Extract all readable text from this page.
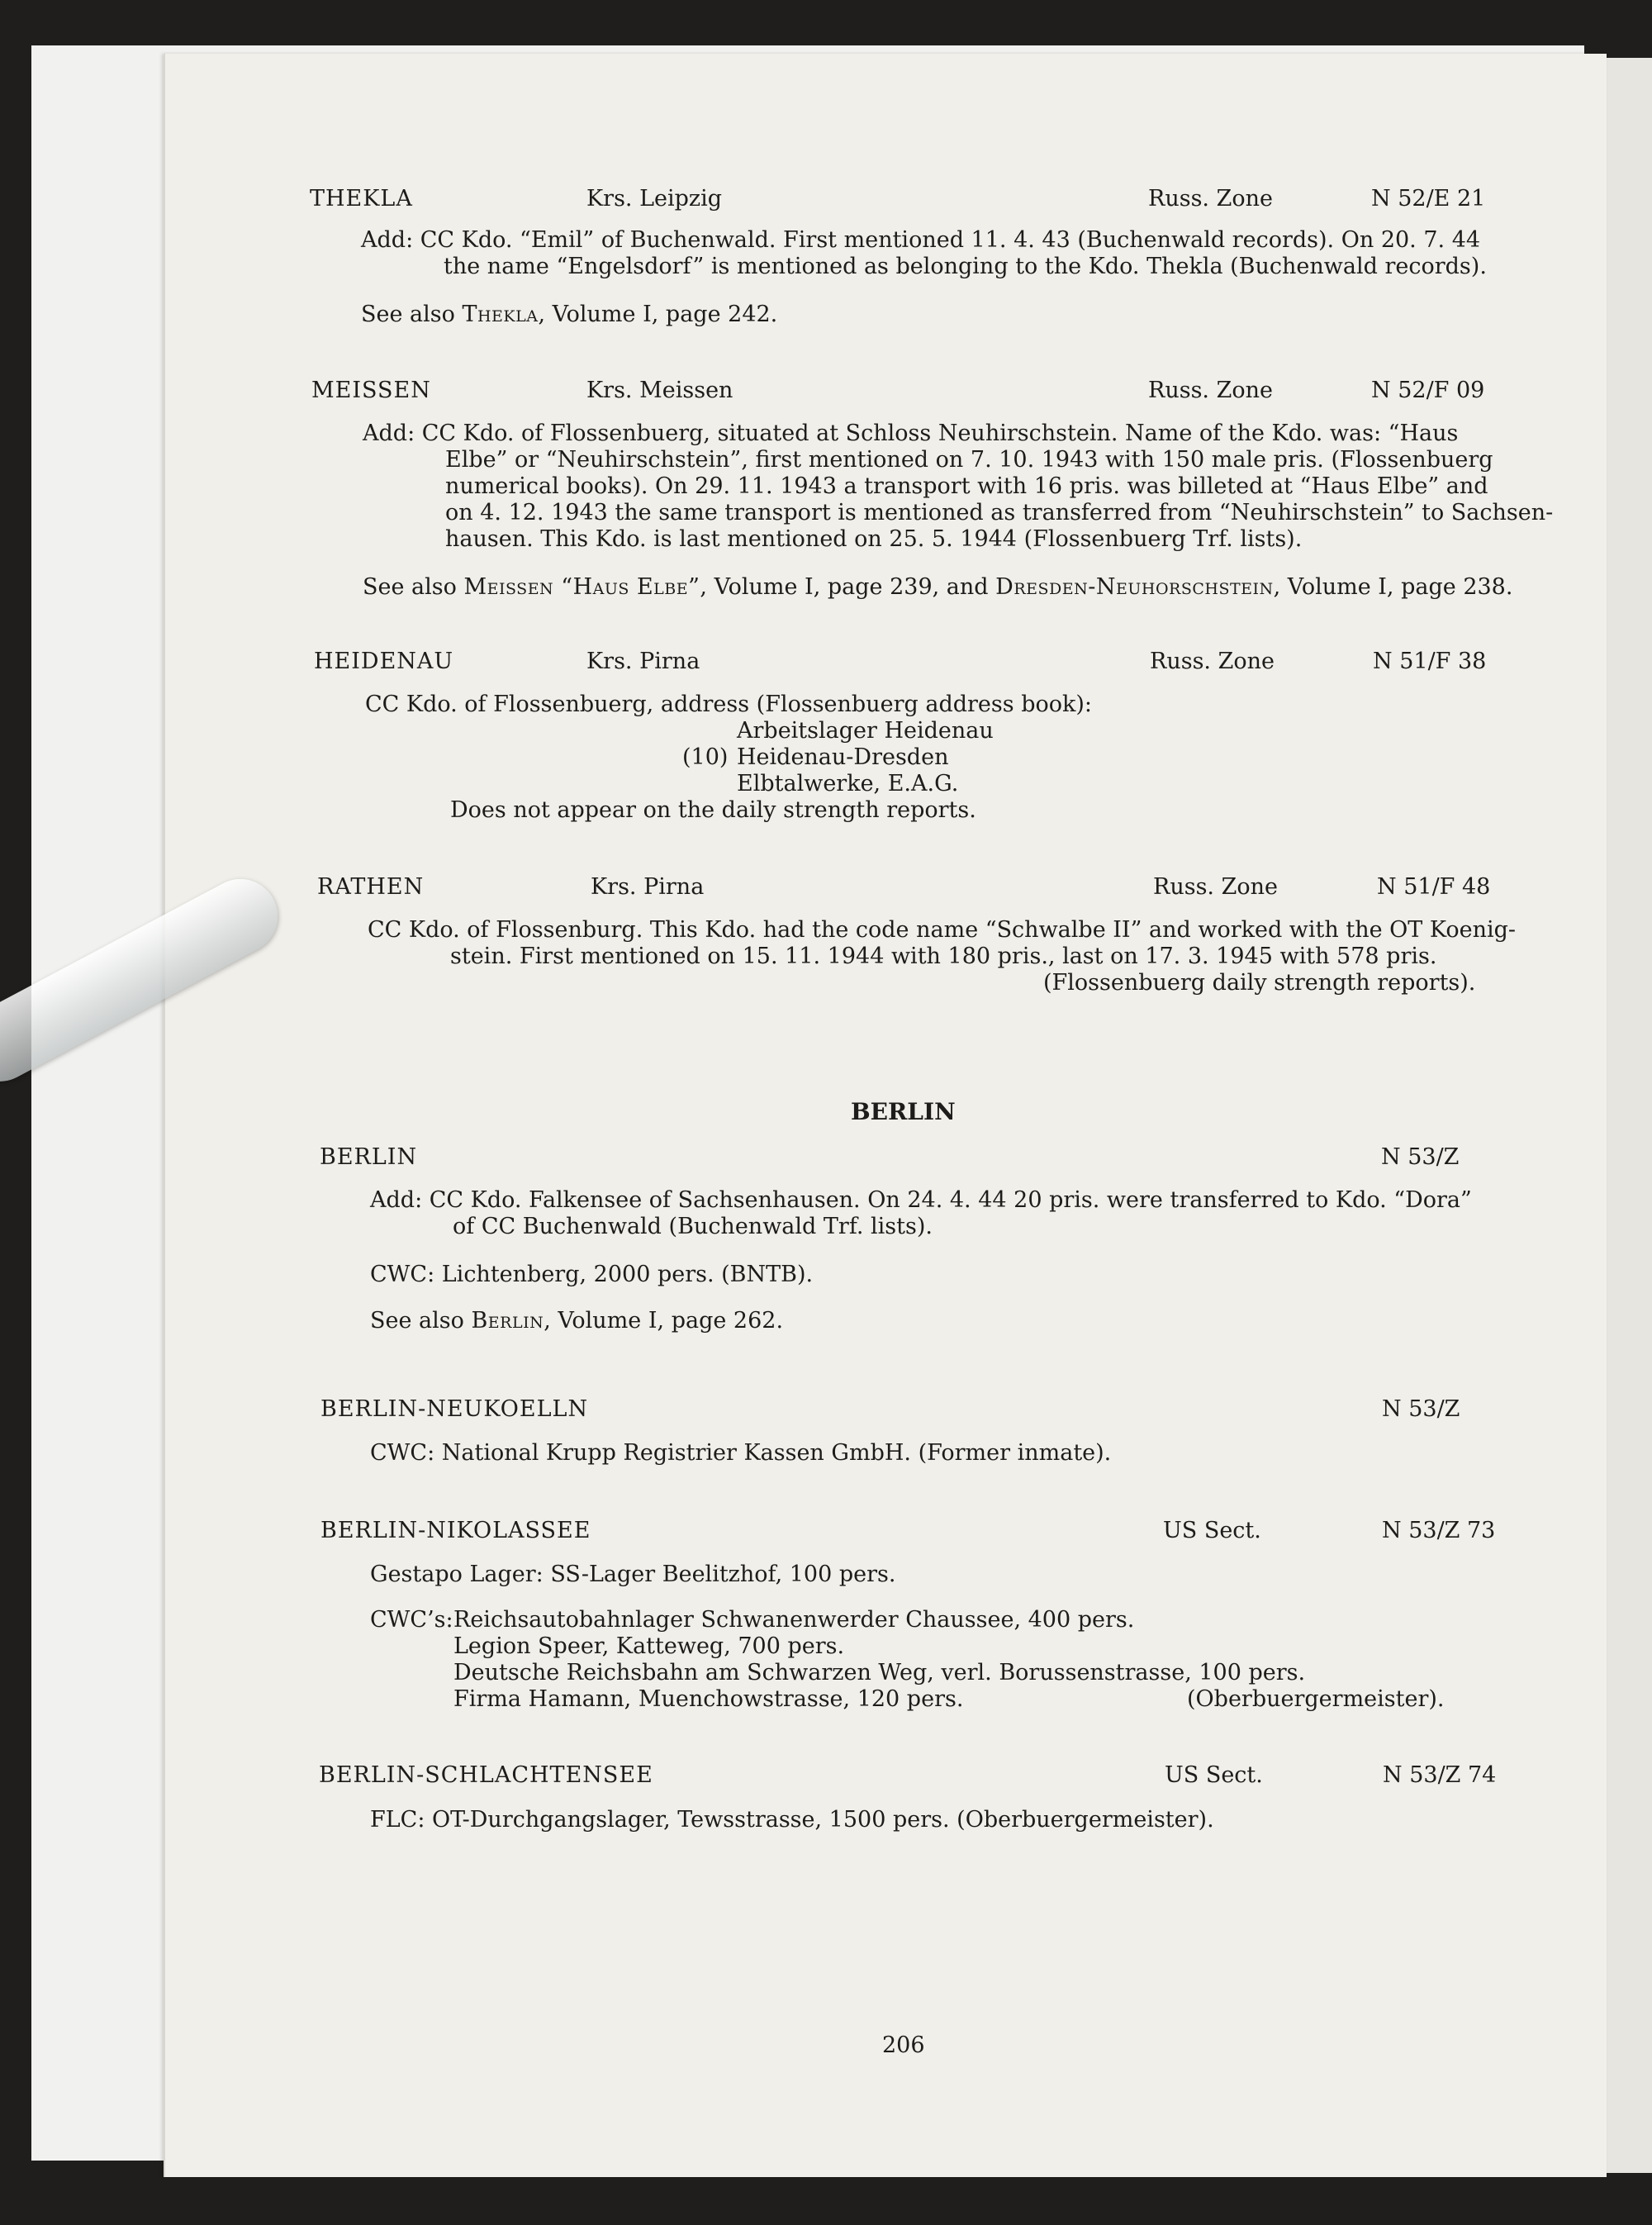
THEKLA	Krs. Leipzig	Russ. Zone	N 52/E 21
Add: CC Kdo. “Emil” of Buchenwald. First mentioned 11. 4. 43 (Buchenwald records). On 20. 7. 44
the name “Engelsdorf” is mentioned as belonging to the Kdo. Thekla (Buchenwald records).
See also Thekla, Volume I, page 242.
MEISSEN	Krs. Meissen	Russ. Zone	N 52/F 09
Add: CC Kdo. of Flossenbuerg, situated at Schloss Neuhirschstein. Name of the Kdo. was: “Haus
Elbe” or “Neuhirschstein”, first mentioned on 7. 10. 1943 with 150 male pris. (Flossenbuerg
numerical books). On 29. 11. 1943 a transport with 16 pris. was billeted at “Haus Elbe” and
on 4. 12. 1943 the same transport is mentioned as transferred from “Neuhirschstein” to Sachsen-
hausen. This Kdo. is last mentioned on 25. 5. 1944 (Flossenbuerg Trf. lists).
See also Meissen “Haus Elbe”, Volume I, page 239, and Dresden-Neuhorschstein, Volume I, page 238.
HEIDENAU	Krs. Pirna	Russ. Zone	N 51/F 38
CC Kdo. of Flossenbuerg, address (Flossenbuerg address book):
Arbeitslager Heidenau
(10) Heidenau-Dresden
Elbtalwerke, E.A.G.
Does not appear on the daily strength reports.
RATHEN	Krs. Pirna	Russ. Zone	N 51/F 48
CC Kdo. of Flossenburg. This Kdo. had the code name “Schwalbe II” and worked with the OT Koenig-
stein. First mentioned on 15. 11. 1944 with 180 pris., last on 17. 3. 1945 with 578 pris.
(Flossenbuerg daily strength reports).
BERLIN
BERLIN	N 53/Z
Add: CC Kdo. Falkensee of Sachsenhausen. On 24. 4. 44 20 pris. were transferred to Kdo. “Dora”
of CC Buchenwald (Buchenwald Trf. lists).
CWC: Lichtenberg, 2000 pers. (BNTB).
See also Berlin, Volume I, page 262.
BERLIN-NEUKOELLN	N 53/Z
CWC: National Krupp Registrier Kassen GmbH. (Former inmate).
BERLIN-NIKOLASSEE	US Sect.	N 53/Z 73
Gestapo Lager: SS-Lager Beelitzhof, 100 pers.
CWC’s: Reichsautobahnlager Schwanenwerder Chaussee, 400 pers.
Legion Speer, Katteweg, 700 pers.
Deutsche Reichsbahn am Schwarzen Weg, verl. Borussenstrasse, 100 pers.
Firma Hamann, Muenchowstrasse, 120 pers.	(Oberbuergermeister).
BERLIN-SCHLACHTENSEE	US Sect.	N 53/Z 74
FLC: OT-Durchgangslager, Tewsstrasse, 1500 pers. (Oberbuergermeister).
206
